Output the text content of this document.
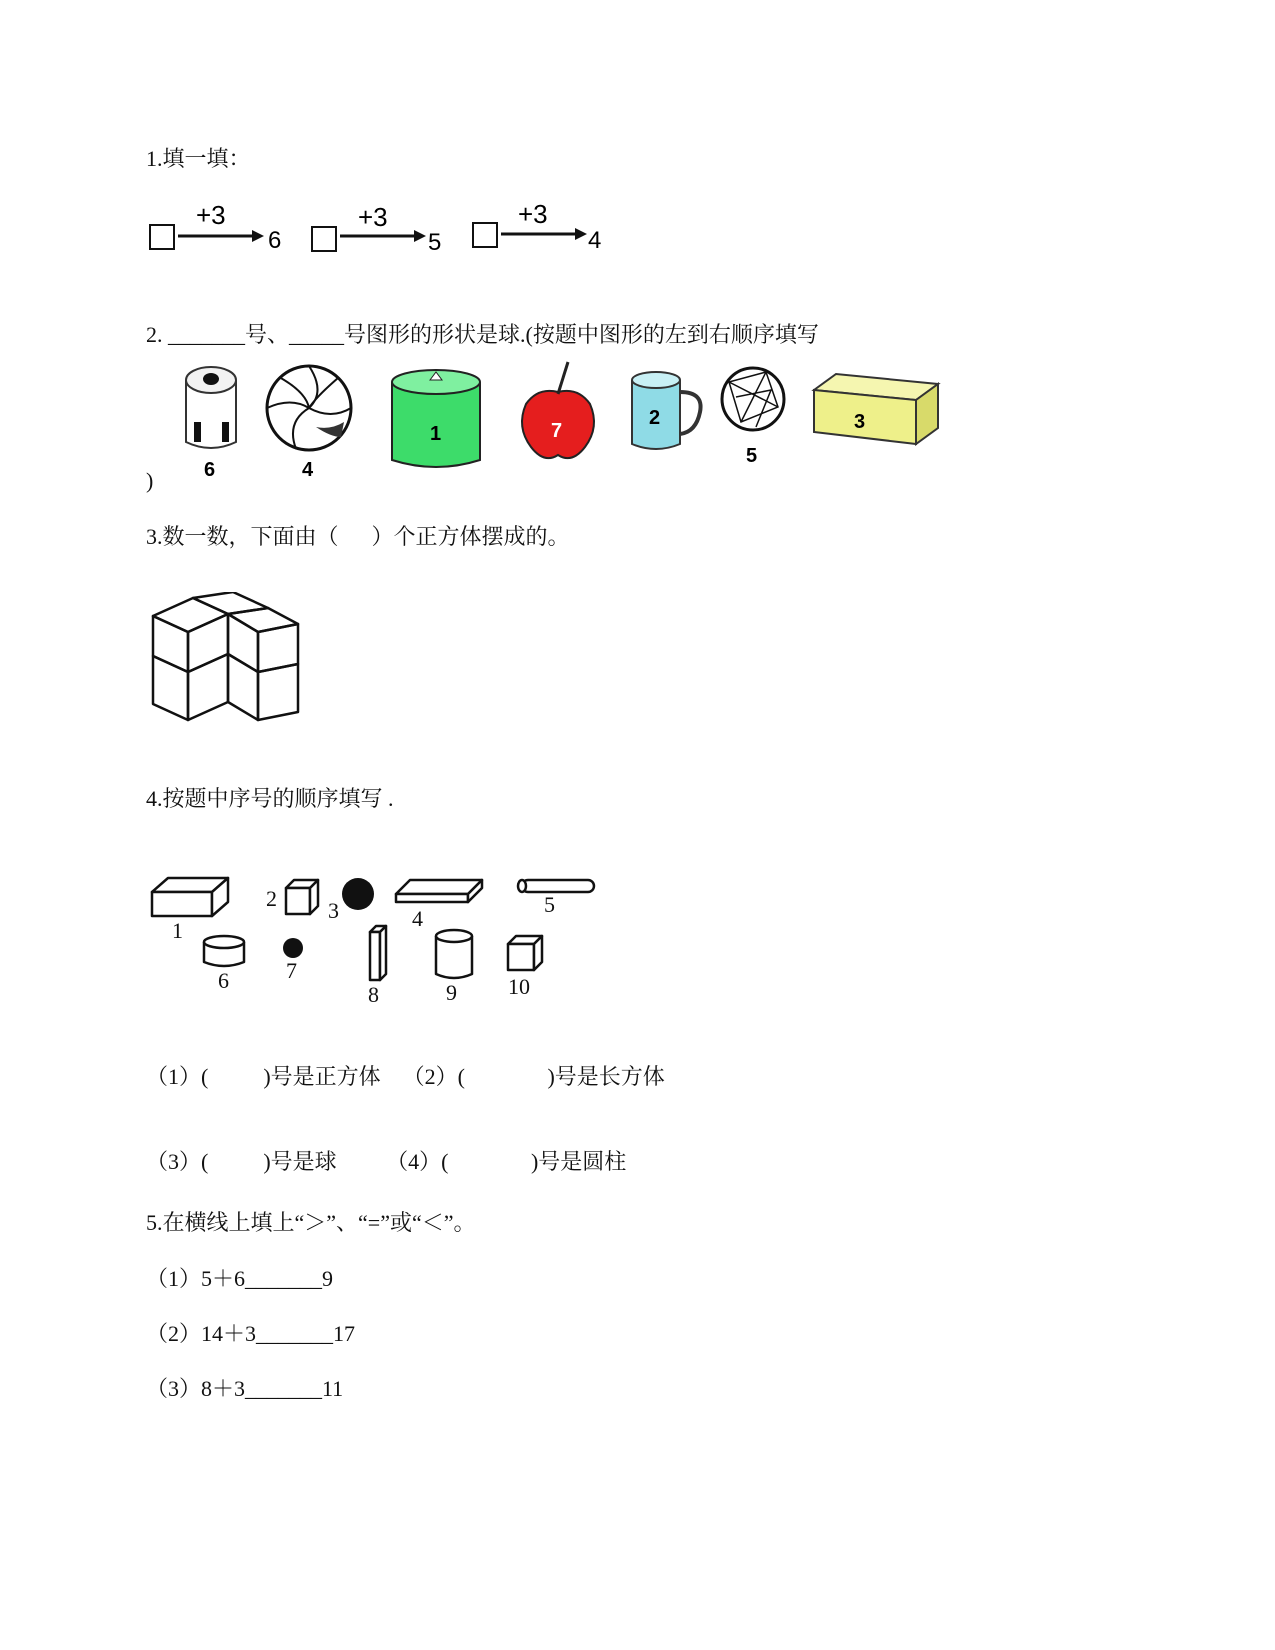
1.填一填：
+3
6
+3
5
+3
4
2. _______号、_____号图形的形状是球.(按题中图形的左到右顺序填写
6	4
1	7
2
5
3
)
3.数一数，下面由（      ）个正方体摆成的。
4.按题中序号的顺序填写 .
1
2 3	4
5
6	7
8	9 10
（1）(          )号是正方体    （2）(               )号是长方体
（3）(          )号是球         （4）(               )号是圆柱
5.在横线上填上“＞”、“=”或“＜”。
（1）5＋6_______9
（2）14＋3_______17
（3）8＋3_______11
